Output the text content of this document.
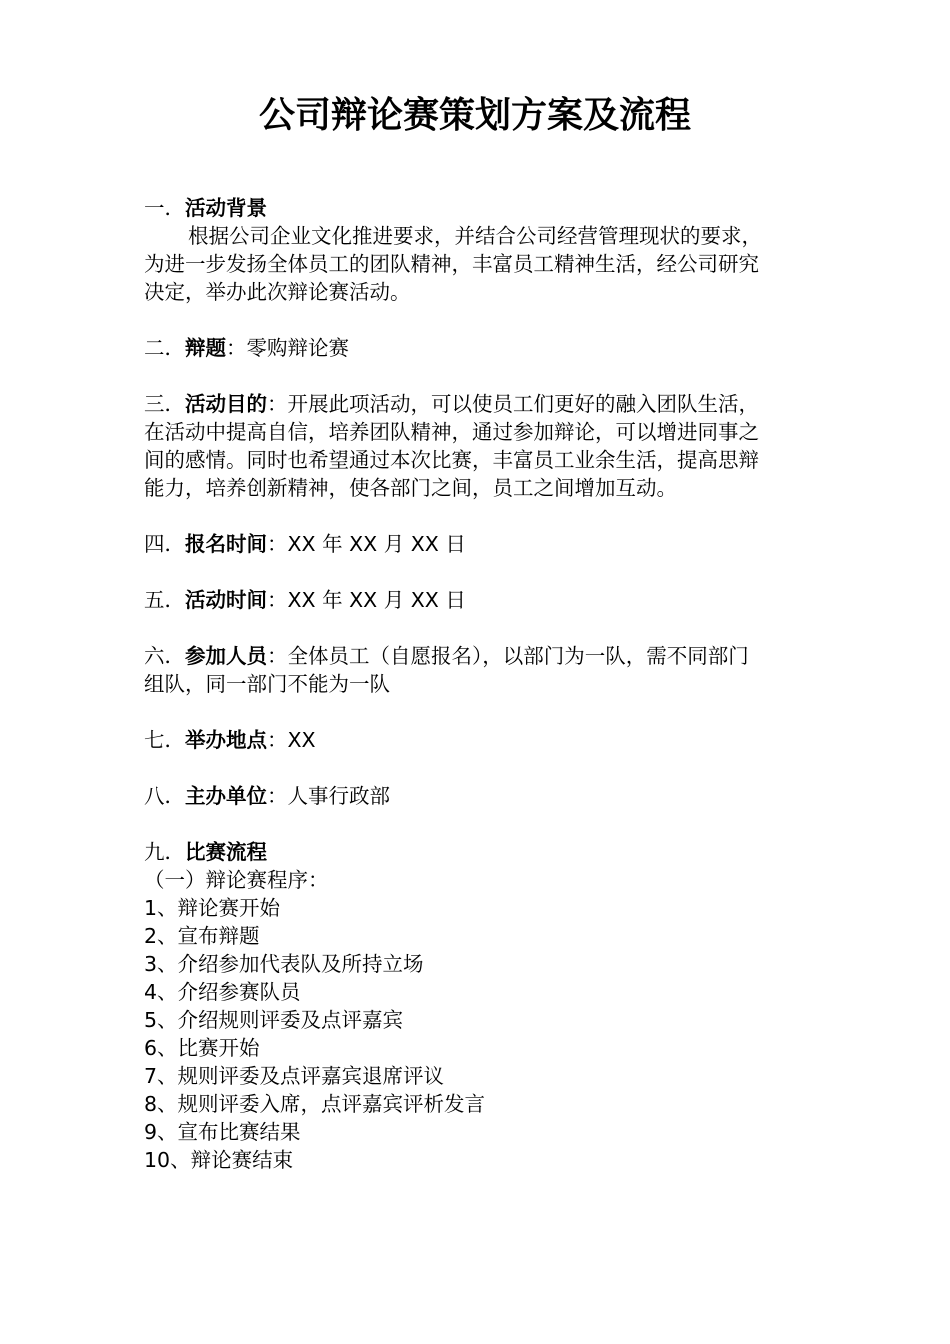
公司辩论赛策划方案及流程
一．活动背景
根据公司企业文化推进要求，并结合公司经营管理现状的要求，
为进一步发扬全体员工的团队精神，丰富员工精神生活，经公司研究
决定，举办此次辩论赛活动。
二．辩题：零购辩论赛
三．活动目的：开展此项活动，可以使员工们更好的融入团队生活，
在活动中提高自信，培养团队精神，通过参加辩论，可以增进同事之
间的感情。同时也希望通过本次比赛，丰富员工业余生活，提高思辩
能力，培养创新精神，使各部门之间，员工之间增加互动。
四．报名时间：XX 年 XX 月 XX 日
五．活动时间：XX 年 XX 月 XX 日
六．参加人员：全体员工（自愿报名），以部门为一队，需不同部门
组队，同一部门不能为一队
七．举办地点：XX
八．主办单位：人事行政部
九．比赛流程
（一）辩论赛程序：
1、辩论赛开始
2、宣布辩题
3、介绍参加代表队及所持立场
4、介绍参赛队员
5、介绍规则评委及点评嘉宾
6、比赛开始
7、规则评委及点评嘉宾退席评议
8、规则评委入席，点评嘉宾评析发言
9、宣布比赛结果
10、辩论赛结束
